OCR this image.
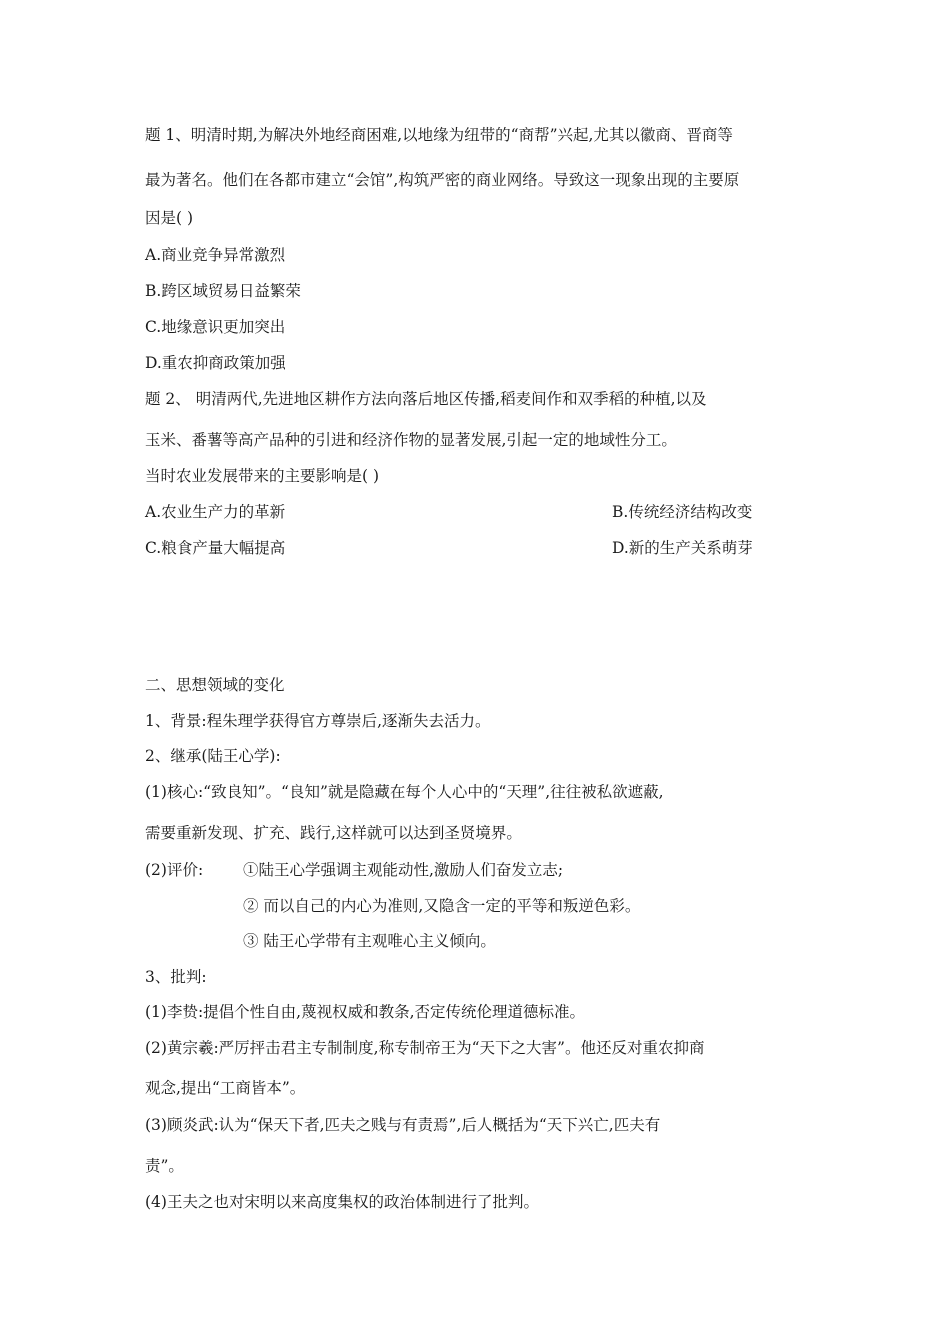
题 1、明清时期,为解决外地经商困难,以地缘为纽带的“商帮”兴起,尤其以徽商、晋商等
最为著名。他们在各都市建立“会馆”,构筑严密的商业网络。导致这一现象出现的主要原
因是( )
A.商业竞争异常激烈
B.跨区域贸易日益繁荣
C.地缘意识更加突出
D.重农抑商政策加强
题 2、 明清两代,先进地区耕作方法向落后地区传播,稻麦间作和双季稻的种植,以及
玉米、番薯等高产品种的引进和经济作物的显著发展,引起一定的地域性分工。
当时农业发展带来的主要影响是( )
A.农业生产力的革新	B.传统经济结构改变
C.粮食产量大幅提高	D.新的生产关系萌芽
二、思想领域的变化
1、背景:程朱理学获得官方尊崇后,逐渐失去活力。
2、继承(陆王心学):
(1)核心:“致良知”。“良知”就是隐藏在每个人心中的“天理”,往往被私欲遮蔽,
需要重新发现、扩充、践行,这样就可以达到圣贤境界。
(2)评价:	①陆王心学强调主观能动性,激励人们奋发立志;
② 而以自己的内心为准则,又隐含一定的平等和叛逆色彩。
③ 陆王心学带有主观唯心主义倾向。
3、批判:
(1)李贽:提倡个性自由,蔑视权威和教条,否定传统伦理道德标准。
(2)黄宗羲:严厉抨击君主专制制度,称专制帝王为“天下之大害”。他还反对重农抑商
观念,提出“工商皆本”。
(3)顾炎武:认为“保天下者,匹夫之贱与有责焉”,后人概括为“天下兴亡,匹夫有
责”。
(4)王夫之也对宋明以来高度集权的政治体制进行了批判。
